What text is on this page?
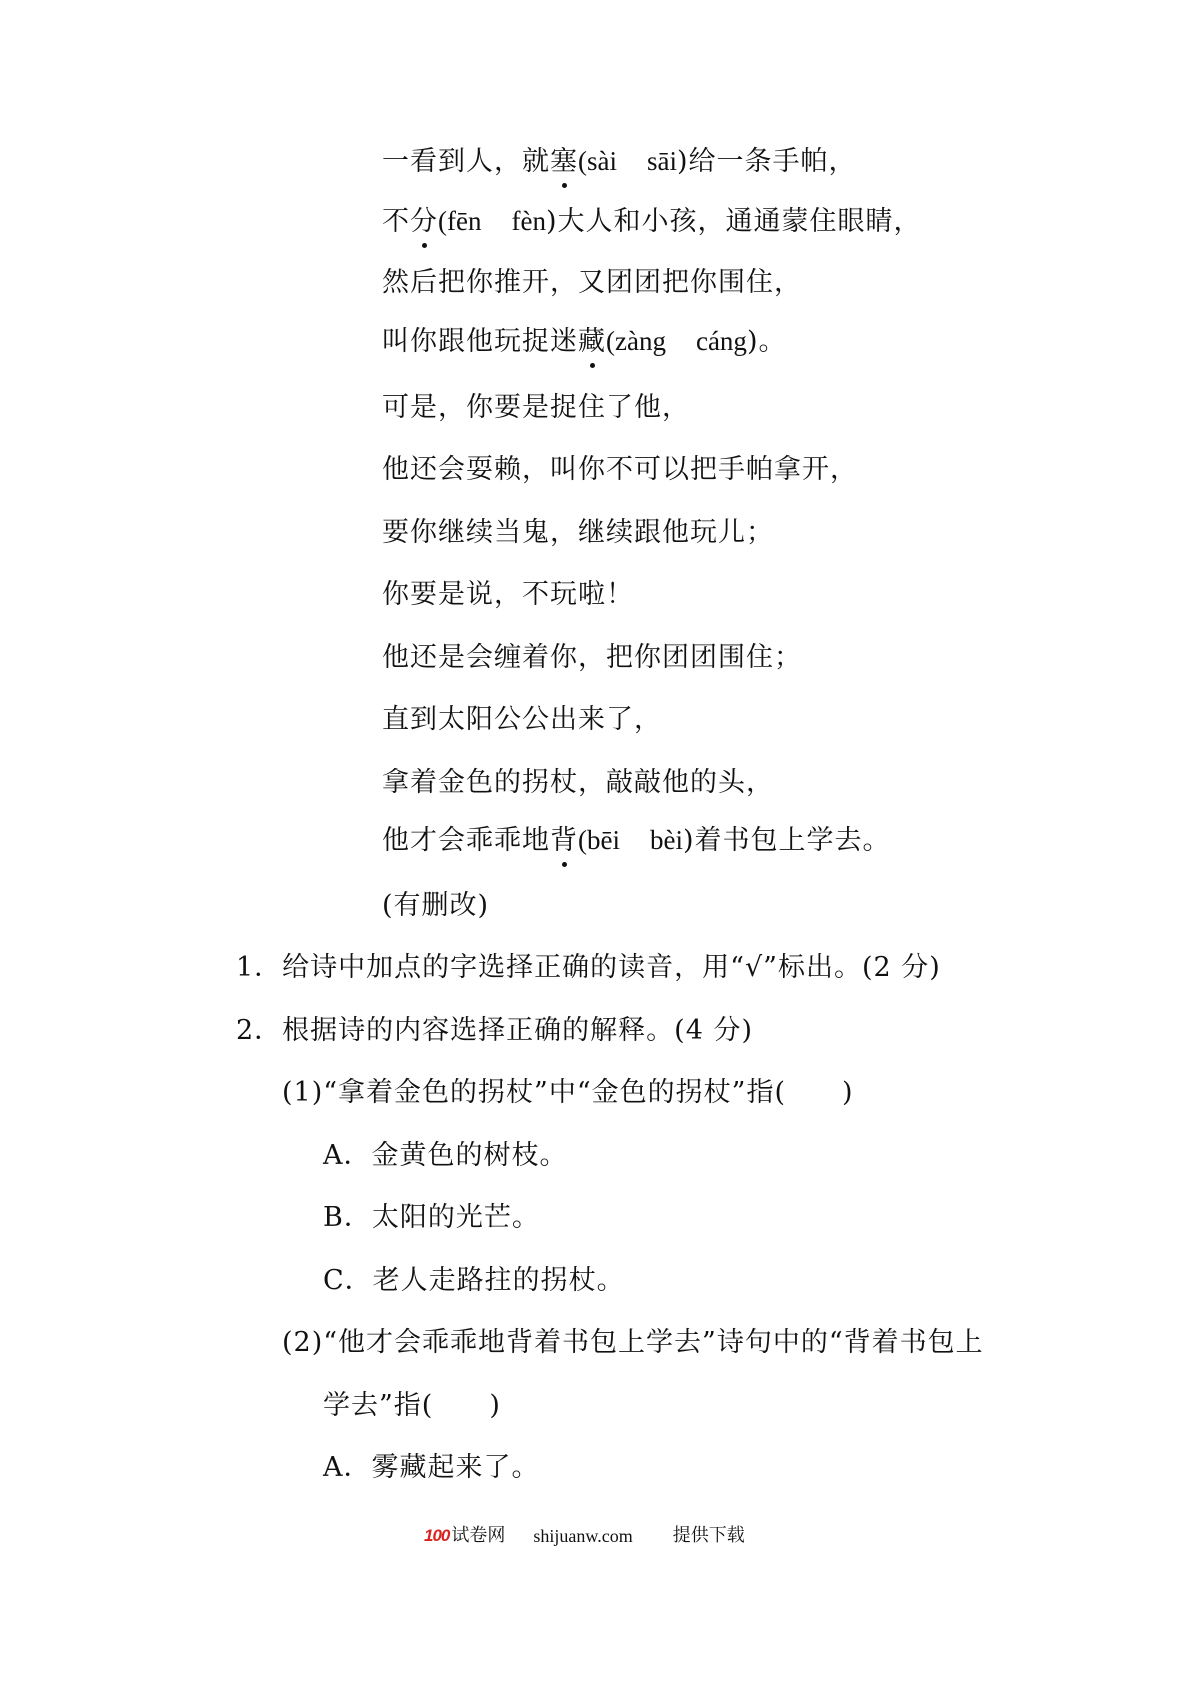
一看到人，就塞(sài sāi)给一条手帕，
不分(fēn fèn)大人和小孩，通通蒙住眼睛，
然后把你推开，又团团把你围住，
叫你跟他玩捉迷藏(zàng cáng)。
可是，你要是捉住了他，
他还会耍赖，叫你不可以把手帕拿开，
要你继续当鬼，继续跟他玩儿；
你要是说，不玩啦！
他还是会缠着你，把你团团围住；
直到太阳公公出来了，
拿着金色的拐杖，敲敲他的头，
他才会乖乖地背(bēi bèi)着书包上学去。
(有删改)
1．给诗中加点的字选择正确的读音，用“√”标出。(2 分)
2．根据诗的内容选择正确的解释。(4 分)
(1)“拿着金色的拐杖”中“金色的拐杖”指(　　)
A．金黄色的树枝。
B．太阳的光芒。
C．老人走路拄的拐杖。
(2)“他才会乖乖地背着书包上学去”诗句中的“背着书包上
学去”指(　　)
A．雾藏起来了。
100 试卷网 shijuanw.com 提供下载
